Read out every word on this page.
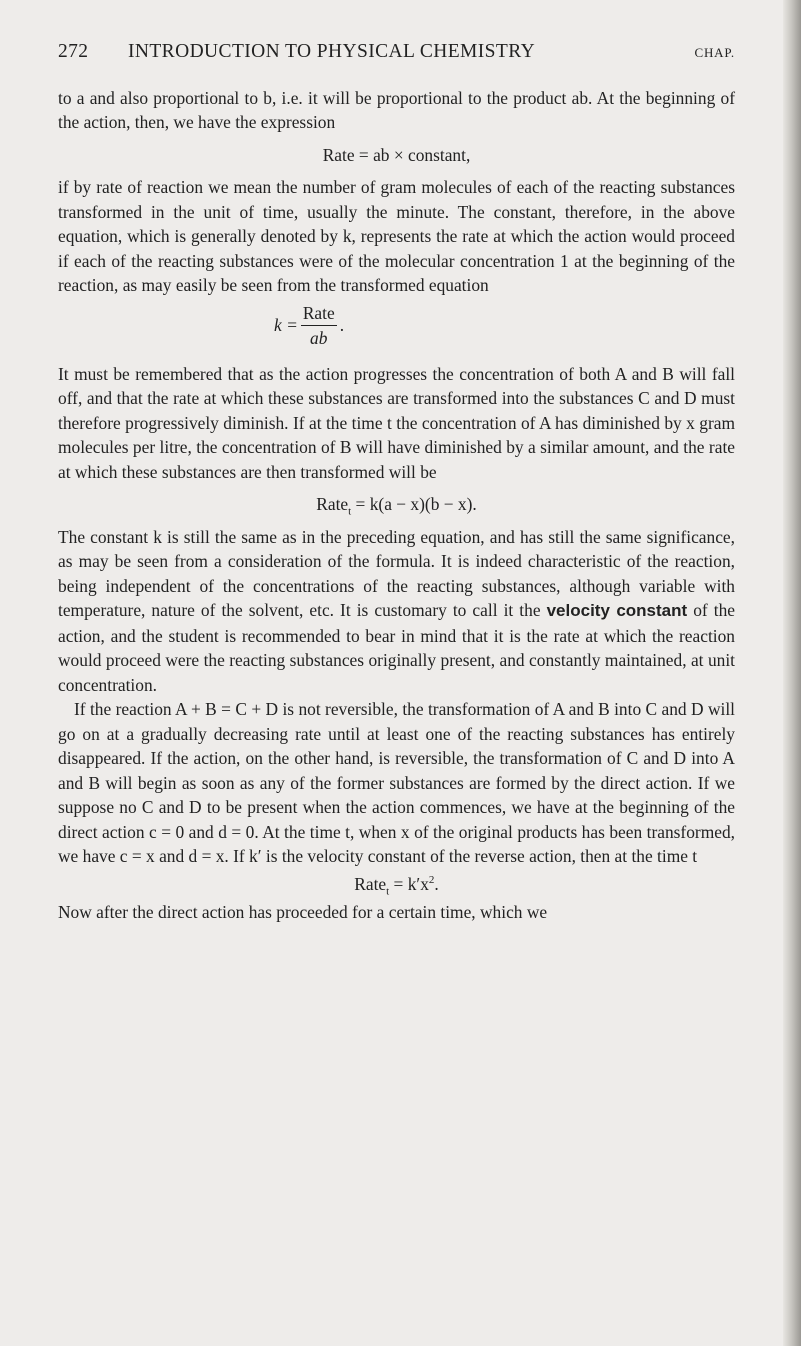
272	INTRODUCTION TO PHYSICAL CHEMISTRY	CHAP.

to a and also proportional to b, i.e. it will be proportional to the product ab. At the beginning of the action, then, we have the expression

Rate = ab × constant,

if by rate of reaction we mean the number of gram molecules of each of the reacting substances transformed in the unit of time, usually the minute. The constant, therefore, in the above equation, which is generally denoted by k, represents the rate at which the action would proceed if each of the reacting substances were of the molecular concentration 1 at the beginning of the reaction, as may easily be seen from the transformed equation

$k = \frac{\text{Rate}}{ab}$ .

It must be remembered that as the action progresses the concentration of both A and B will fall off, and that the rate at which these substances are transformed into the substances C and D must therefore progressively diminish. If at the time t the concentration of A has diminished by x gram molecules per litre, the concentration of B will have diminished by a similar amount, and the rate at which these substances are then transformed will be

Rate$_t$ = k(a − x)(b − x).

The constant k is still the same as in the preceding equation, and has still the same significance, as may be seen from a consideration of the formula. It is indeed characteristic of the reaction, being independent of the concentrations of the reacting substances, although variable with temperature, nature of the solvent, etc. It is customary to call it the velocity constant of the action, and the student is recommended to bear in mind that it is the rate at which the reaction would proceed were the reacting substances originally present, and constantly maintained, at unit concentration.

If the reaction A + B = C + D is not reversible, the transformation of A and B into C and D will go on at a gradually decreasing rate until at least one of the reacting substances has entirely disappeared. If the action, on the other hand, is reversible, the transformation of C and D into A and B will begin as soon as any of the former substances are formed by the direct action. If we suppose no C and D to be present when the action commences, we have at the beginning of the direct action c = 0 and d = 0. At the time t, when x of the original products has been transformed, we have c = x and d = x. If k′ is the velocity constant of the reverse action, then at the time t

Rate$_t$ = $k'x^2$.

Now after the direct action has proceeded for a certain time, which we
